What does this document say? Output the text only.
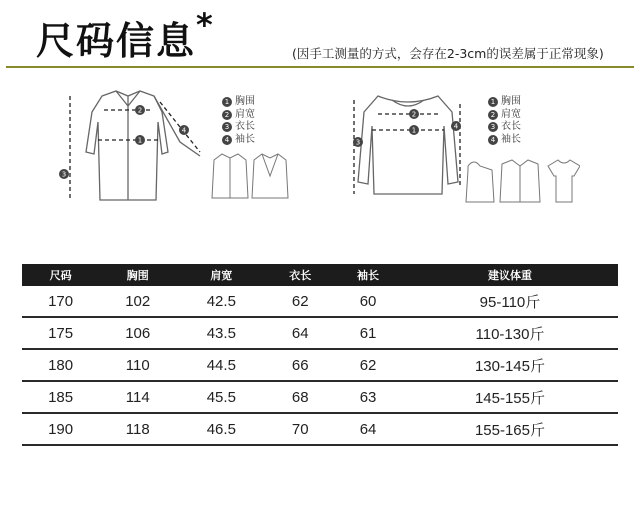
尺码信息*
(因手工测量的方式，会存在2-3cm的误差属于正常现象)
3
2
1
4
1 胸围
2 肩宽
3 衣长
4 袖长	3
2
1	4
1 胸围
2 肩宽
3 衣长
4 袖长
尺码	胸围	肩宽	衣长	袖长	建议体重
170	102	42.5	62	60	95-110斤
175	106	43.5	64	61	110-130斤
180	110	44.5	66	62	130-145斤
185	114	45.5	68	63	145-155斤
190	118	46.5	70	64	155-165斤
